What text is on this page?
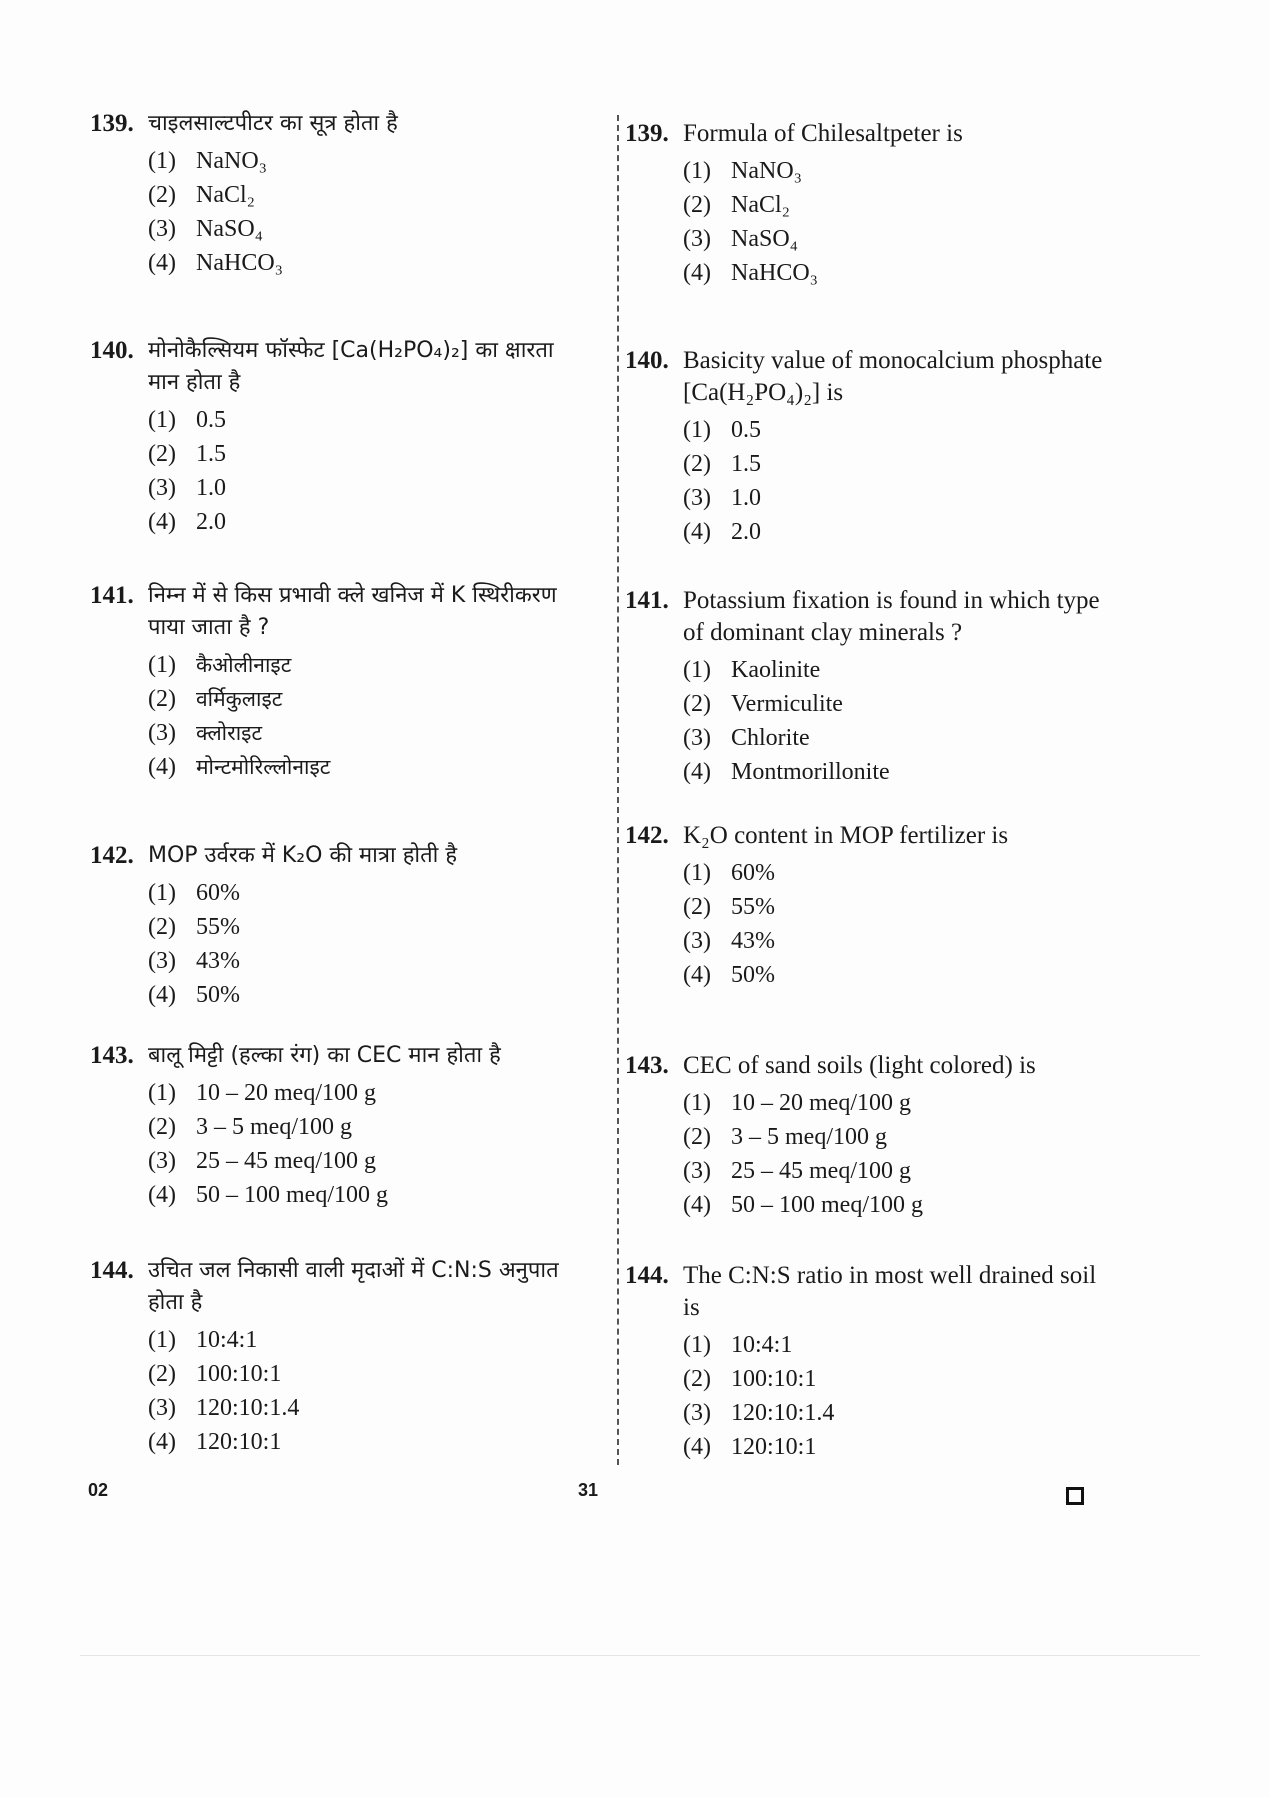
139. चाइलसाल्टपीटर का सूत्र होता है
(1) NaNO₃
(2) NaCl₂
(3) NaSO₄
(4) NaHCO₃
140. मोनोकैल्सियम फॉस्फेट [Ca(H₂PO₄)₂] का क्षारता मान होता है
(1) 0.5
(2) 1.5
(3) 1.0
(4) 2.0
141. निम्न में से किस प्रभावी क्ले खनिज में K स्थिरीकरण पाया जाता है ?
(1) कैओलीनाइट
(2) वर्मिकुलाइट
(3) क्लोराइट
(4) मोन्टमोरिल्लोनाइट
142. MOP उर्वरक में K₂O की मात्रा होती है
(1) 60%
(2) 55%
(3) 43%
(4) 50%
143. बालू मिट्टी (हल्का रंग) का CEC मान होता है
(1) 10 – 20 meq/100 g
(2) 3 – 5 meq/100 g
(3) 25 – 45 meq/100 g
(4) 50 – 100 meq/100 g
144. उचित जल निकासी वाली मृदाओं में C:N:S अनुपात होता है
(1) 10:4:1
(2) 100:10:1
(3) 120:10:1.4
(4) 120:10:1
139. Formula of Chilesaltpeter is
(1) NaNO₃
(2) NaCl₂
(3) NaSO₄
(4) NaHCO₃
140. Basicity value of monocalcium phosphate [Ca(H₂PO₄)₂] is
(1) 0.5
(2) 1.5
(3) 1.0
(4) 2.0
141. Potassium fixation is found in which type of dominant clay minerals ?
(1) Kaolinite
(2) Vermiculite
(3) Chlorite
(4) Montmorillonite
142. K₂O content in MOP fertilizer is
(1) 60%
(2) 55%
(3) 43%
(4) 50%
143. CEC of sand soils (light colored) is
(1) 10 – 20 meq/100 g
(2) 3 – 5 meq/100 g
(3) 25 – 45 meq/100 g
(4) 50 – 100 meq/100 g
144. The C:N:S ratio in most well drained soil is
(1) 10:4:1
(2) 100:10:1
(3) 120:10:1.4
(4) 120:10:1
02	31
